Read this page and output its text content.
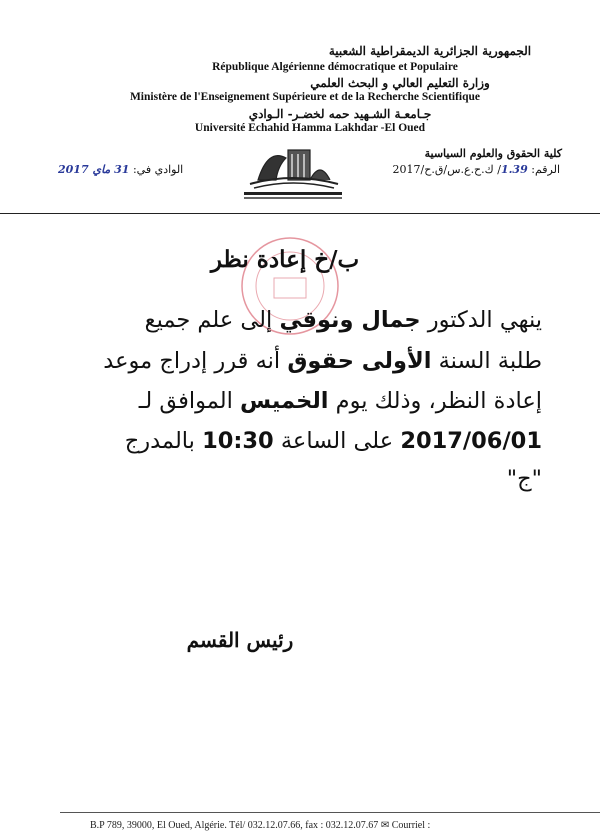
الجمهورية الجزائرية الديمقراطية الشعبية
République Algérienne démocratique et Populaire
وزارة التعليم العالي و البحث العلمي
Ministère de l'Enseignement Supérieure et de la Recherche Scientifique
جـامعـة الشـهيد حمه لخضـر- الـوادي
Université Echahid Hamma Lakhdar -El Oued
كلية الحقوق والعلوم السياسية
الرقم: 1.39/ ك.ح.ع.س/ق.ح/2017
الوادي في: 31 ماي 2017
ب/خ إعادة نظر
ينهي الدكتور جمال ونوقي إلى علم جميع
طلبة السنة الأولى حقوق أنه قرر إدراج موعد
إعادة النظر، وذلك يوم الخميس الموافق لـ
2017/06/01 على الساعة 10:30 بالمدرج
"ج"
رئيس القسم
B.P 789, 39000, El Oued, Algérie. Tél/ 032.12.07.66, fax : 032.12.07.67 ✉ Courriel :
